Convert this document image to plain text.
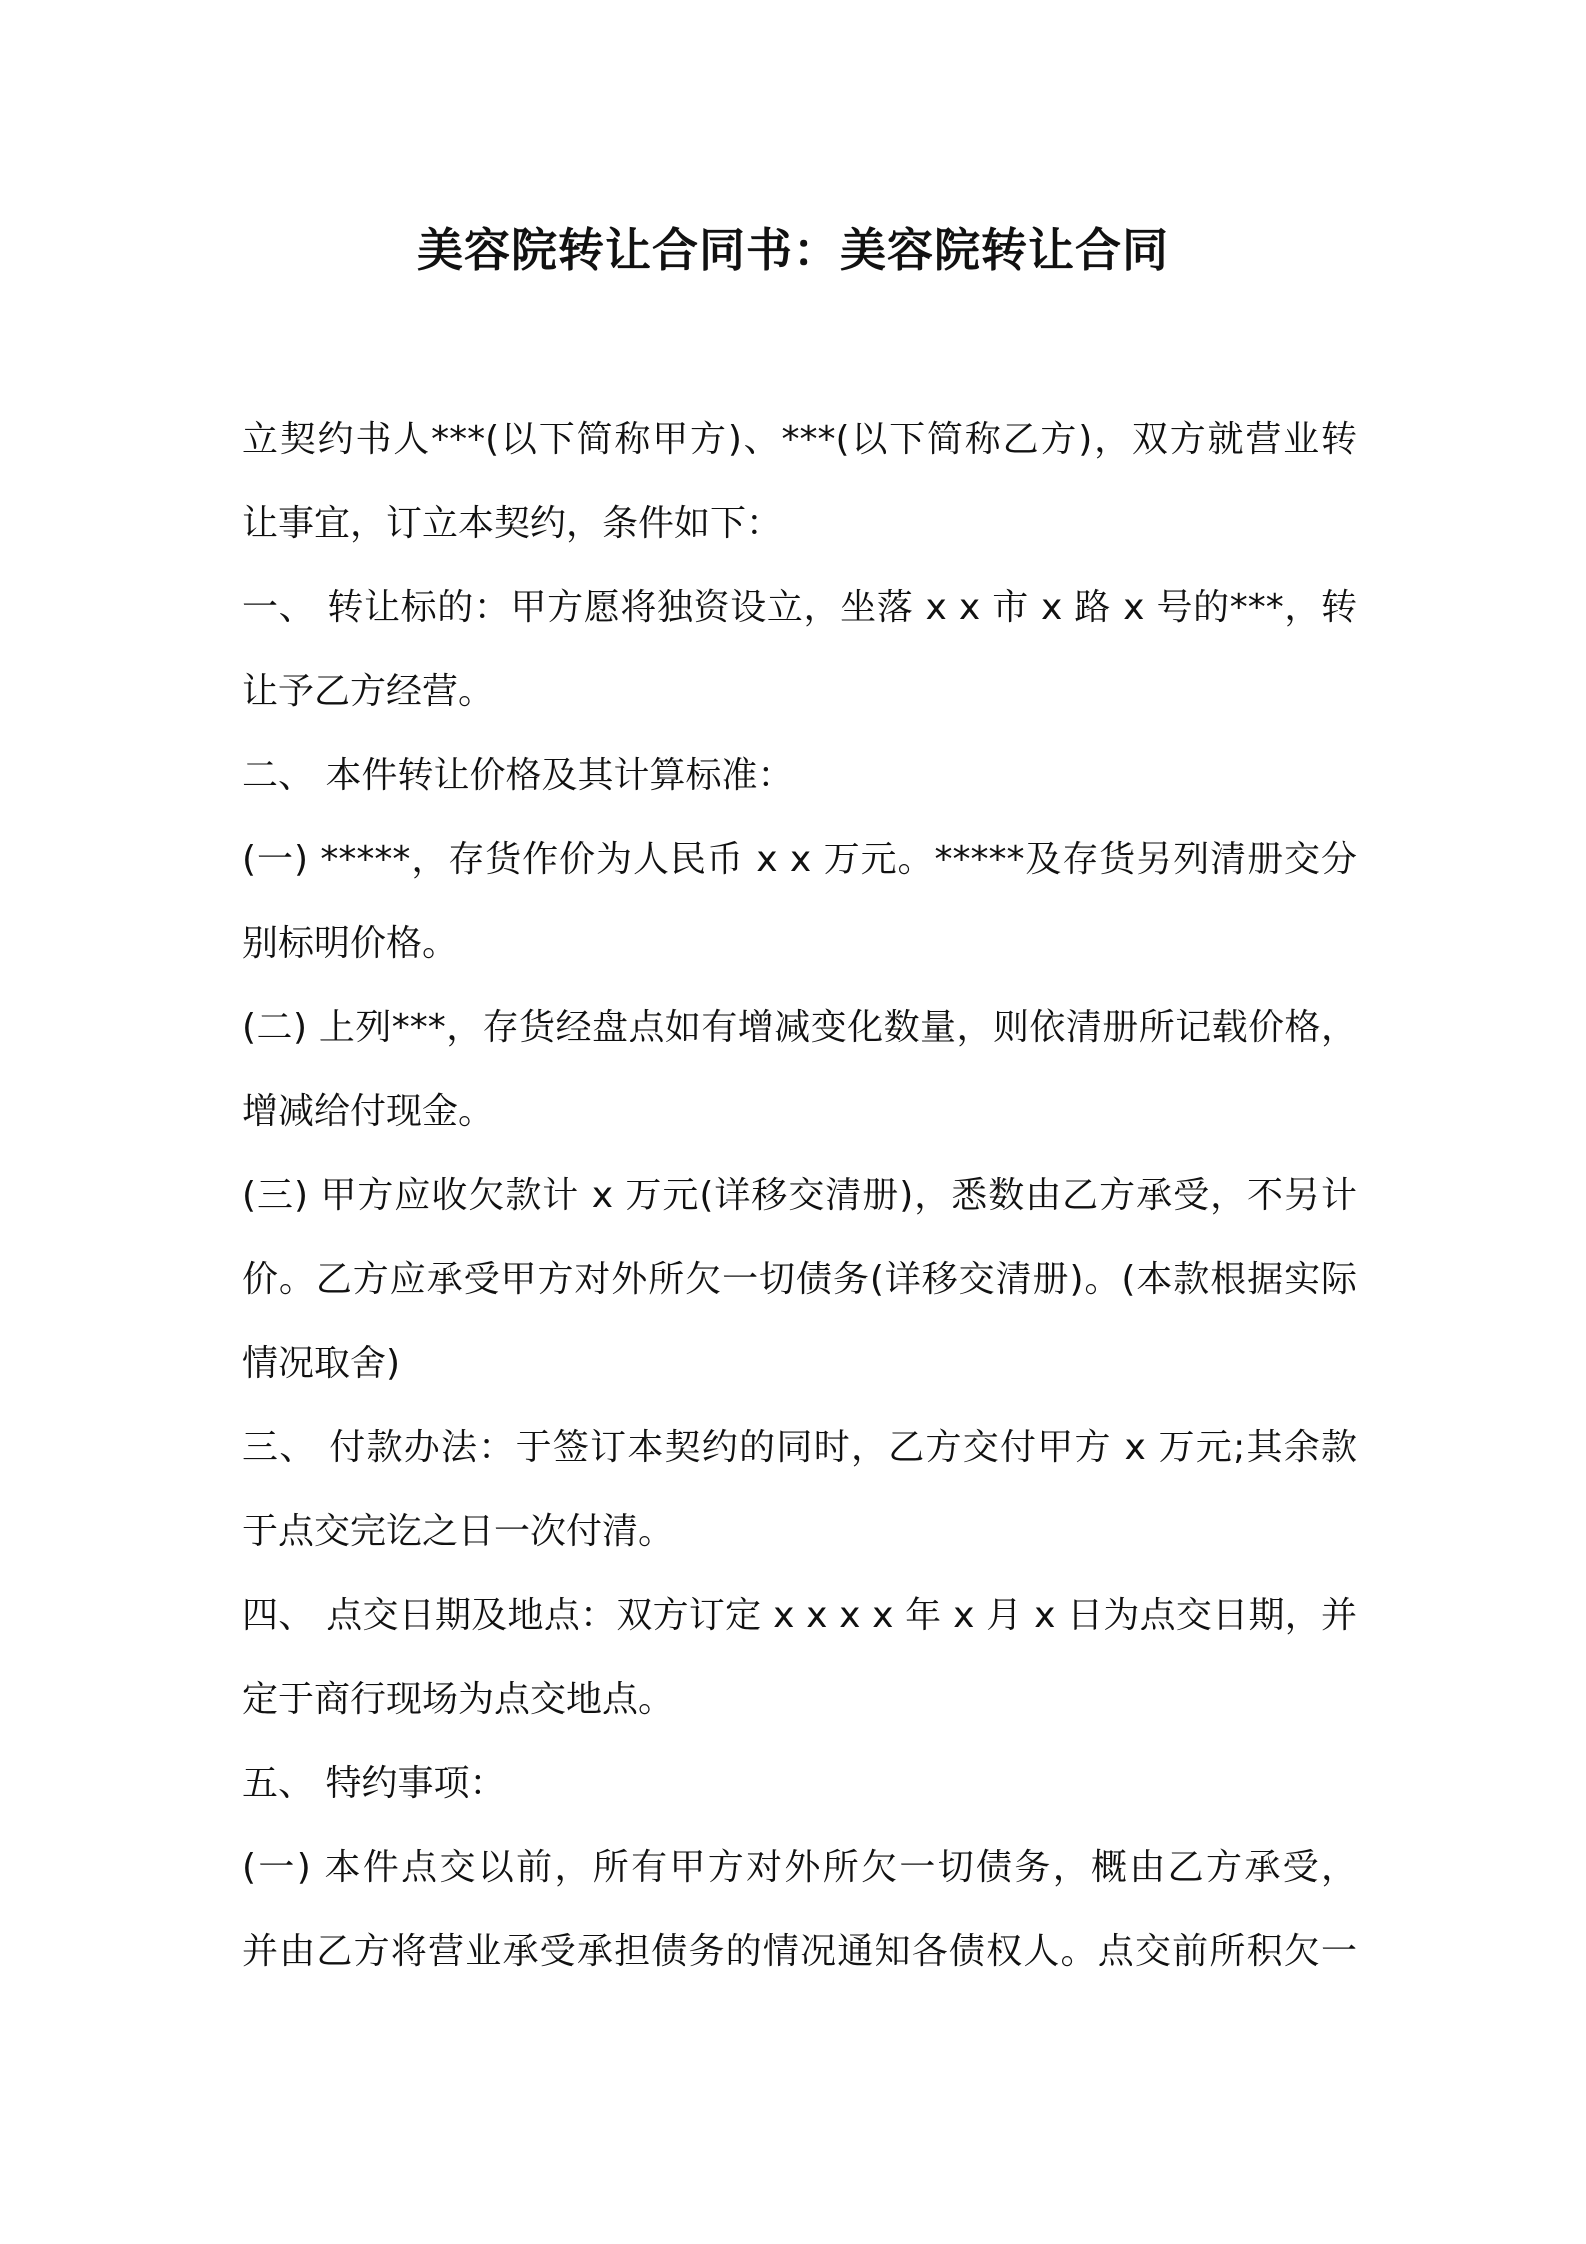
美容院转让合同书：美容院转让合同
立契约书人***(以下简称甲方)、***(以下简称乙方)，双方就营业转
让事宜，订立本契约，条件如下：
一、 转让标的：甲方愿将独资设立，坐落 x x 市 x 路 x 号的***，转
让予乙方经营。
二、 本件转让价格及其计算标准：
(一) *****，存货作价为人民币 x x 万元。*****及存货另列清册交分
别标明价格。
(二) 上列***，存货经盘点如有增减变化数量，则依清册所记载价格，
增减给付现金。
(三) 甲方应收欠款计 x 万元(详移交清册)，悉数由乙方承受，不另计
价。乙方应承受甲方对外所欠一切债务(详移交清册)。(本款根据实际
情况取舍)
三、 付款办法：于签订本契约的同时，乙方交付甲方 x 万元;其余款
于点交完讫之日一次付清。
四、 点交日期及地点：双方订定 x x x x 年 x 月 x 日为点交日期，并
定于商行现场为点交地点。
五、 特约事项：
(一) 本件点交以前，所有甲方对外所欠一切债务，概由乙方承受，
并由乙方将营业承受承担债务的情况通知各债权人。点交前所积欠一
